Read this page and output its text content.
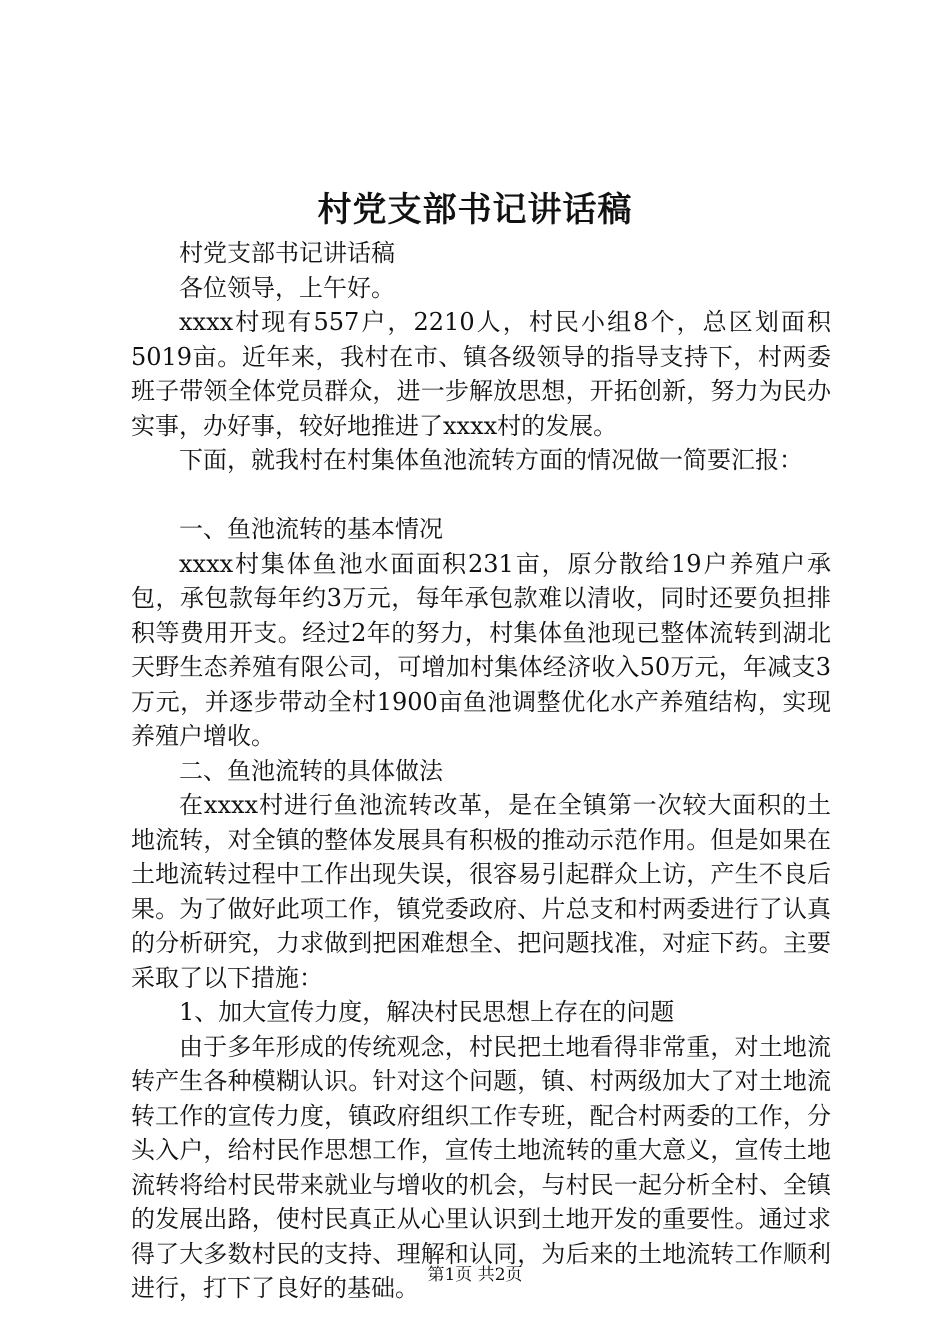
村党支部书记讲话稿

村党支部书记讲话稿

各位领导，上午好。

xxxx村现有557户，2210人，村民小组8个，总区划面积5019亩。近年来，我村在市、镇各级领导的指导支持下，村两委班子带领全体党员群众，进一步解放思想，开拓创新，努力为民办实事，办好事，较好地推进了xxxx村的发展。

下面，就我村在村集体鱼池流转方面的情况做一简要汇报：

一、鱼池流转的基本情况

xxxx村集体鱼池水面面积231亩，原分散给19户养殖户承包，承包款每年约3万元，每年承包款难以清收，同时还要负担排积等费用开支。经过2年的努力，村集体鱼池现已整体流转到湖北天野生态养殖有限公司，可增加村集体经济收入50万元，年减支3万元，并逐步带动全村1900亩鱼池调整优化水产养殖结构，实现养殖户增收。

二、鱼池流转的具体做法

在xxxx村进行鱼池流转改革，是在全镇第一次较大面积的土地流转，对全镇的整体发展具有积极的推动示范作用。但是如果在土地流转过程中工作出现失误，很容易引起群众上访，产生不良后果。为了做好此项工作，镇党委政府、片总支和村两委进行了认真的分析研究，力求做到把困难想全、把问题找准，对症下药。主要采取了以下措施：

1、加大宣传力度，解决村民思想上存在的问题

由于多年形成的传统观念，村民把土地看得非常重，对土地流转产生各种模糊认识。针对这个问题，镇、村两级加大了对土地流转工作的宣传力度，镇政府组织工作专班，配合村两委的工作，分头入户，给村民作思想工作，宣传土地流转的重大意义，宣传土地流转将给村民带来就业与增收的机会，与村民一起分析全村、全镇的发展出路，使村民真正从心里认识到土地开发的重要性。通过求得了大多数村民的支持、理解和认同，为后来的土地流转工作顺利进行，打下了良好的基础。 第1页 共2页
